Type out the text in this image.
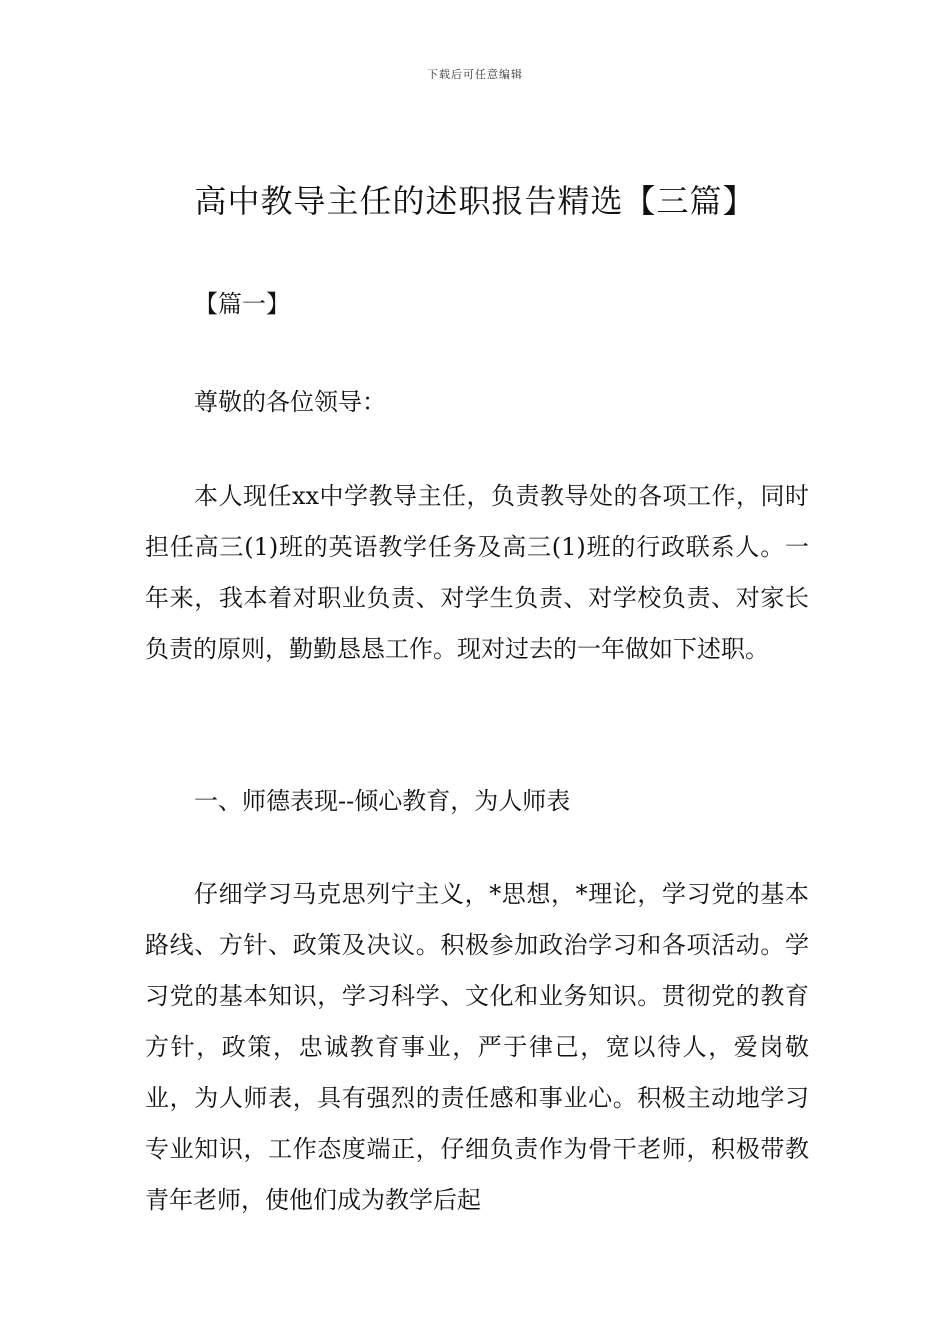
下载后可任意编辑
高中教导主任的述职报告精选【三篇】

【篇一】

尊敬的各位领导：

本人现任xx中学教导主任，负责教导处的各项工作，同时担任高三(1)班的英语教学任务及高三(1)班的行政联系人。一年来，我本着对职业负责、对学生负责、对学校负责、对家长负责的原则，勤勤恳恳工作。现对过去的一年做如下述职。

一、师德表现--倾心教育，为人师表

仔细学习马克思列宁主义，*思想，*理论，学习党的基本路线、方针、政策及决议。积极参加政治学习和各项活动。学习党的基本知识，学习科学、文化和业务知识。贯彻党的教育方针，政策，忠诚教育事业，严于律己，宽以待人，爱岗敬业，为人师表，具有强烈的责任感和事业心。积极主动地学习专业知识，工作态度端正，仔细负责作为骨干老师，积极带教青年老师，使他们成为教学后起
